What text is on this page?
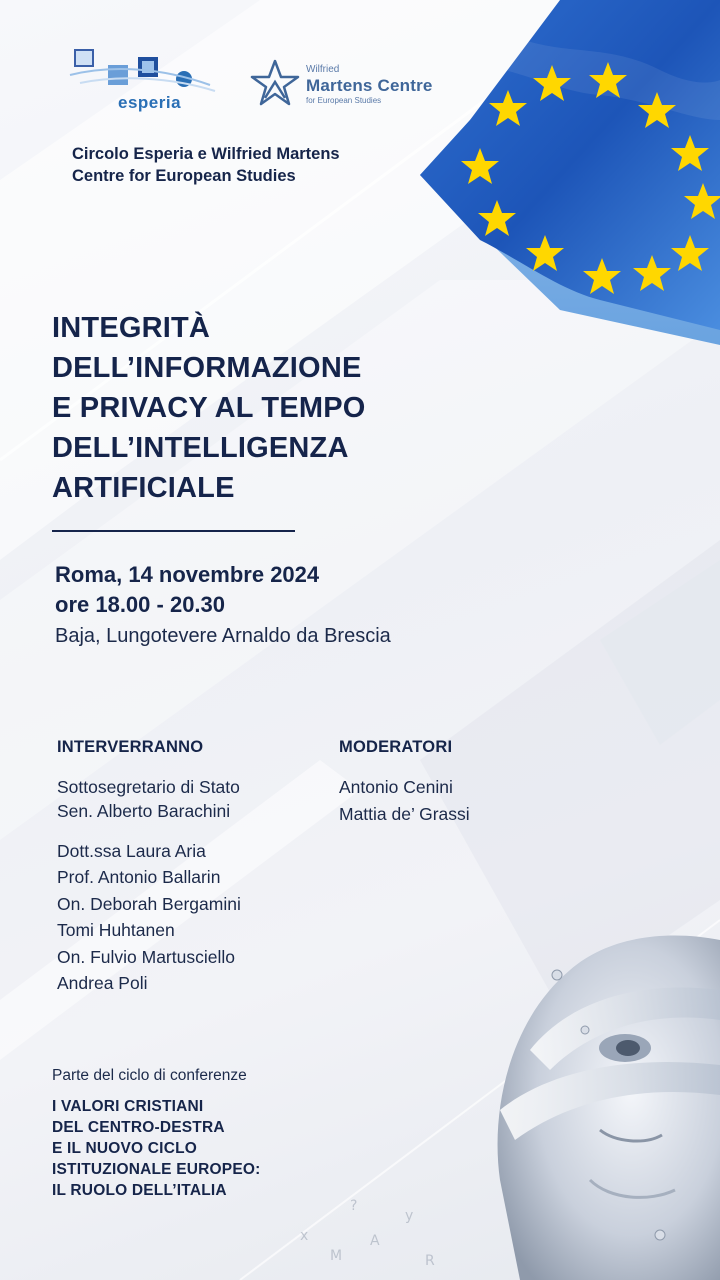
esperia
Wilfried
Martens Centre
for European Studies
Circolo Esperia e Wilfried Martens
Centre for European Studies
INTEGRITÀ
DELL’INFORMAZIONE
E PRIVACY AL TEMPO
DELL’INTELLIGENZA
ARTIFICIALE
Roma, 14 novembre 2024
ore 18.00 - 20.30
Baja, Lungotevere Arnaldo da Brescia
INTERVERRANNO
Sottosegretario di Stato
Sen. Alberto Barachini
Dott.ssa Laura Aria
Prof. Antonio Ballarin
On. Deborah Bergamini
Tomi Huhtanen
On. Fulvio Martusciello
Andrea Poli
MODERATORI
Antonio Cenini
Mattia de’ Grassi
?
A
M
y
R
x
Parte del ciclo di conferenze
I VALORI CRISTIANI
DEL CENTRO-DESTRA
E IL NUOVO CICLO
ISTITUZIONALE EUROPEO:
IL RUOLO DELL’ITALIA
